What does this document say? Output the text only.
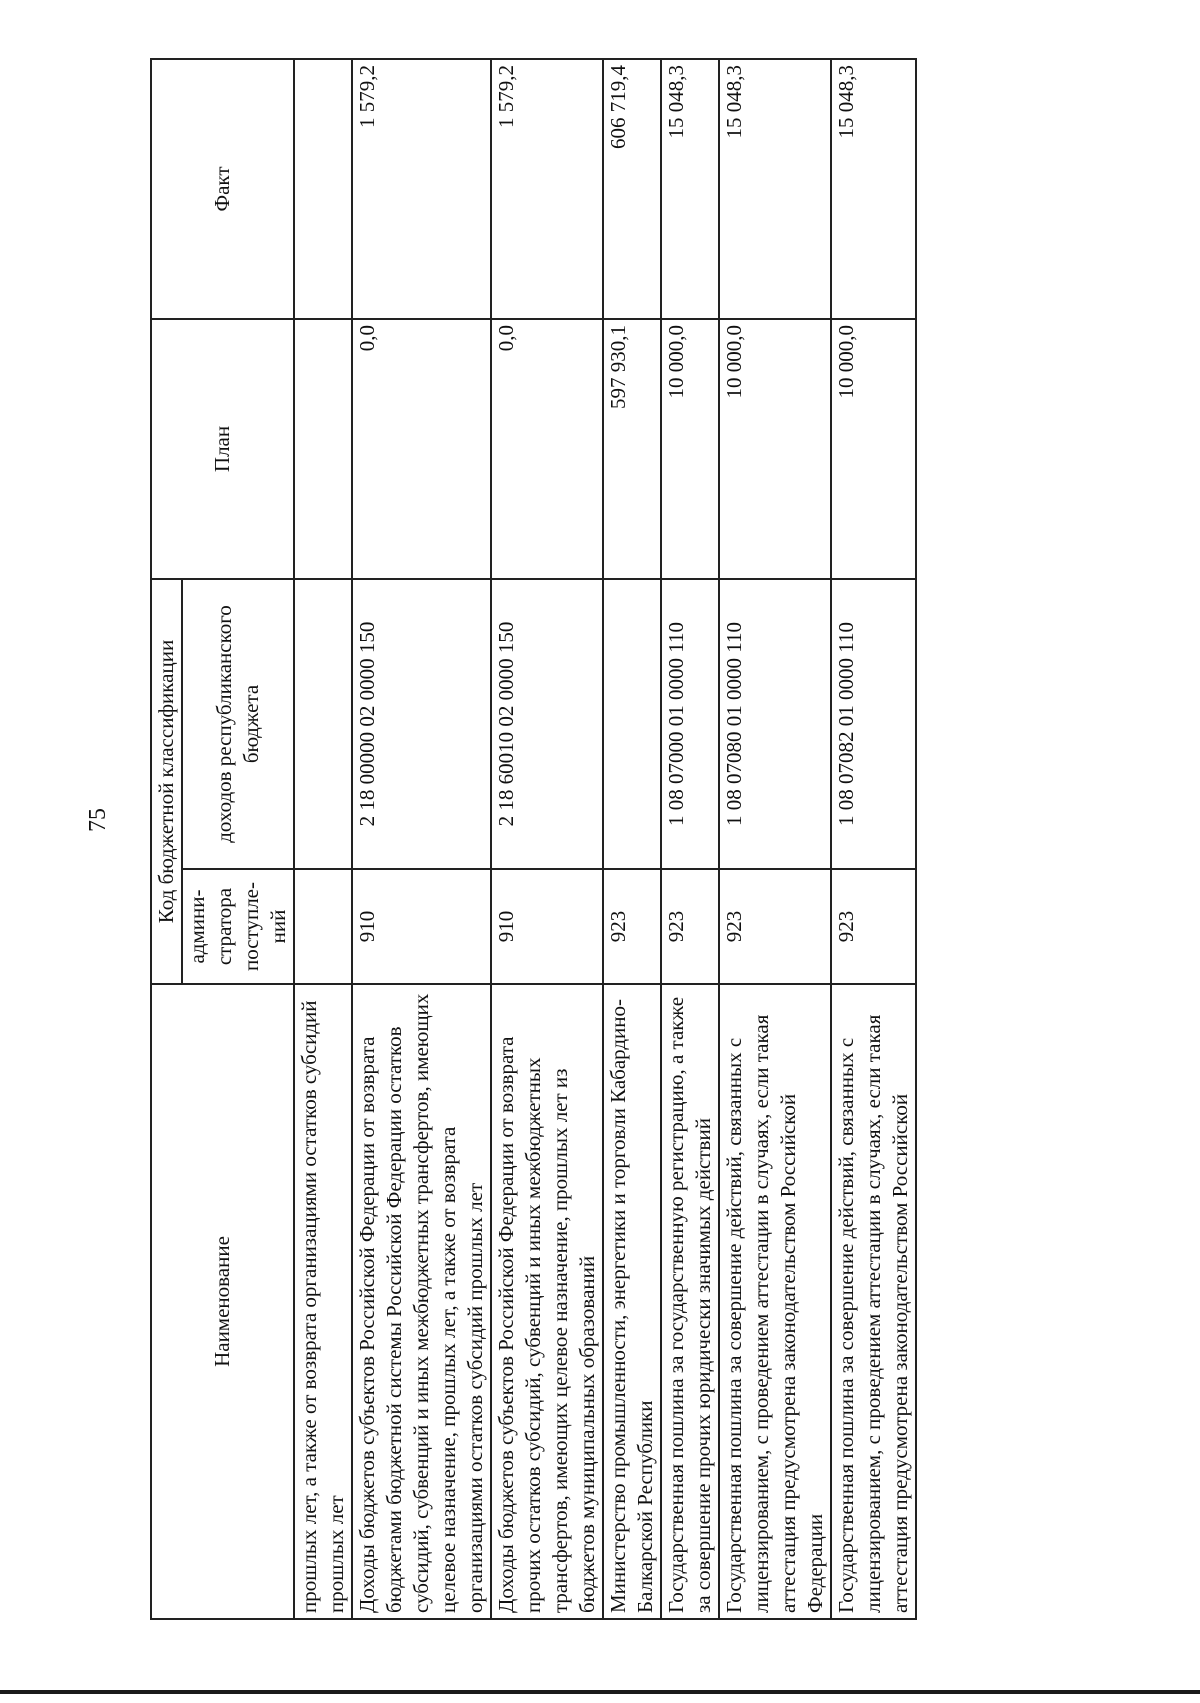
75
Наименование	Код бюджетной классификации		План	Факт
	админи-стратора поступле-ний	доходов республиканского бюджета		
прошлых лет, а также от возврата организациями остатков субсидий прошлых лет				
Доходы бюджетов субъектов Российской Федерации от возврата бюджетами бюджетной системы Российской Федерации остатков субсидий, субвенций и иных межбюджетных трансфертов, имеющих целевое назначение, прошлых лет, а также от возврата организациями остатков субсидий прошлых лет	910	2 18 00000 02 0000 150	0,0	1 579,2
Доходы бюджетов субъектов Российской Федерации от возврата прочих остатков субсидий, субвенций и иных межбюджетных трансфертов, имеющих целевое назначение, прошлых лет из бюджетов муниципальных образований	910	2 18 60010 02 0000 150	0,0	1 579,2
Министерство промышленности, энергетики и торговли Кабардино-Балкарской Республики	923		597 930,1	606 719,4
Государственная пошлина за государственную регистрацию, а также за совершение прочих юридически значимых действий	923	1 08 07000 01 0000 110	10 000,0	15 048,3
Государственная пошлина за совершение действий, связанных с лицензированием, с проведением аттестации в случаях, если такая аттестация предусмотрена законодательством Российской Федерации	923	1 08 07080 01 0000 110	10 000,0	15 048,3
Государственная пошлина за совершение действий, связанных с лицензированием, с проведением аттестации в случаях, если такая аттестация предусмотрена законодательством Российской	923	1 08 07082 01 0000 110	10 000,0	15 048,3
